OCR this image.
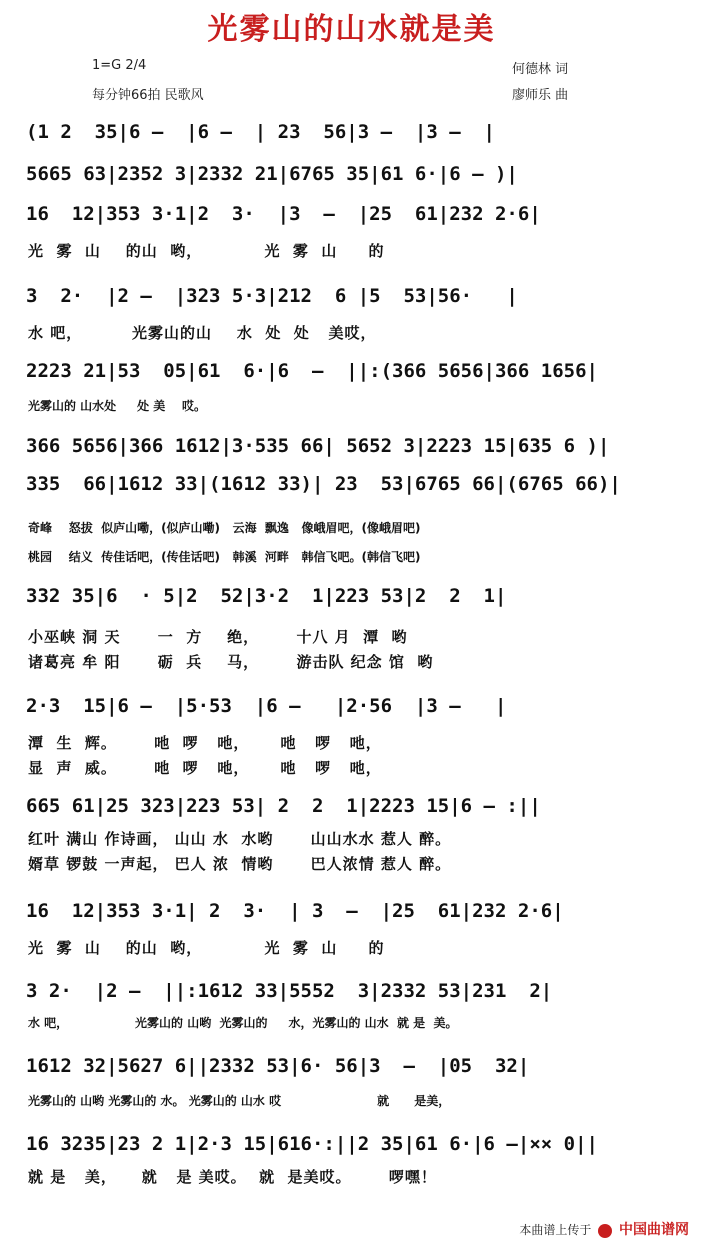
光雾山的山水就是美
1=G 2/4
每分钟66拍 民歌风
何德林 词
廖师乐 曲
(1 2  35|6 —  |6 —  | 23  56|3 —  |3 —  |
5665 63|2352 3|2332 21|6765 35|61 6·|6 — )|
16  12|353 3·1|2  3·  |3  —  |25  61|232 2·6|
光  雾  山    的山  哟，          光  雾  山     的
3  2·  |2 —  |323 5·3|212  6 |5  53|56·   |
水 吧，        光雾山的山    水  处  处   美哎，
2223 21|53  05|61  6·|6  —  ||:(366 5656|366 1656|
光雾山的 山水处     处 美    哎。
366 5656|366 1612|3·535 66| 5652 3|2223 15|635 6 )|
335  66|1612 33|(1612 33)| 23  53|6765 66|(6765 66)|
奇峰    怒拔  似庐山嘞，(似庐山嘞)   云海  飘逸   像峨眉吧，(像峨眉吧)
桃园    结义  传佳话吧，(传佳话吧)   韩溪  河畔   韩信飞吧。(韩信飞吧)
332 35|6  · 5|2  52|3·2  1|223 53|2  2  1|
小巫峡 洞 天      一  方    绝，      十八 月  潭  哟
诸葛亮 牟 阳      砺  兵    马，      游击队 纪念 馆  哟
2·3  15|6 —  |5·53  |6 —   |2·56  |3 —   |
潭  生  辉。      吔  啰   吔，     吔   啰   吔，
显  声  威。      吔  啰   吔，     吔   啰   吔，
665 61|25 323|223 53| 2  2  1|2223 15|6 — :||
红叶 满山 作诗画， 山山 水  水哟      山山水水 惹人 醉。
婿草 锣鼓 一声起， 巴人 浓  情哟      巴人浓情 惹人 醉。
16  12|353 3·1| 2  3·  | 3  —  |25  61|232 2·6|
光  雾  山    的山  哟，          光  雾  山     的
3 2·  |2 —  ||:1612 33|5552  3|2332 53|231  2|
水 吧，                光雾山的 山哟  光雾山的     水，光雾山的 山水  就 是  美。
1612 32|5627 6||2332 53|6· 56|3  —  |05  32|
光雾山的 山哟 光雾山的 水。 光雾山的 山水 哎                       就      是美，
16 3235|23 2 1|2·3 15|616·:||2 35|61 6·|6 —|×× 0||
就 是   美，    就   是 美哎。  就  是美哎。      啰嘿！
本曲谱上传于 中国曲谱网
